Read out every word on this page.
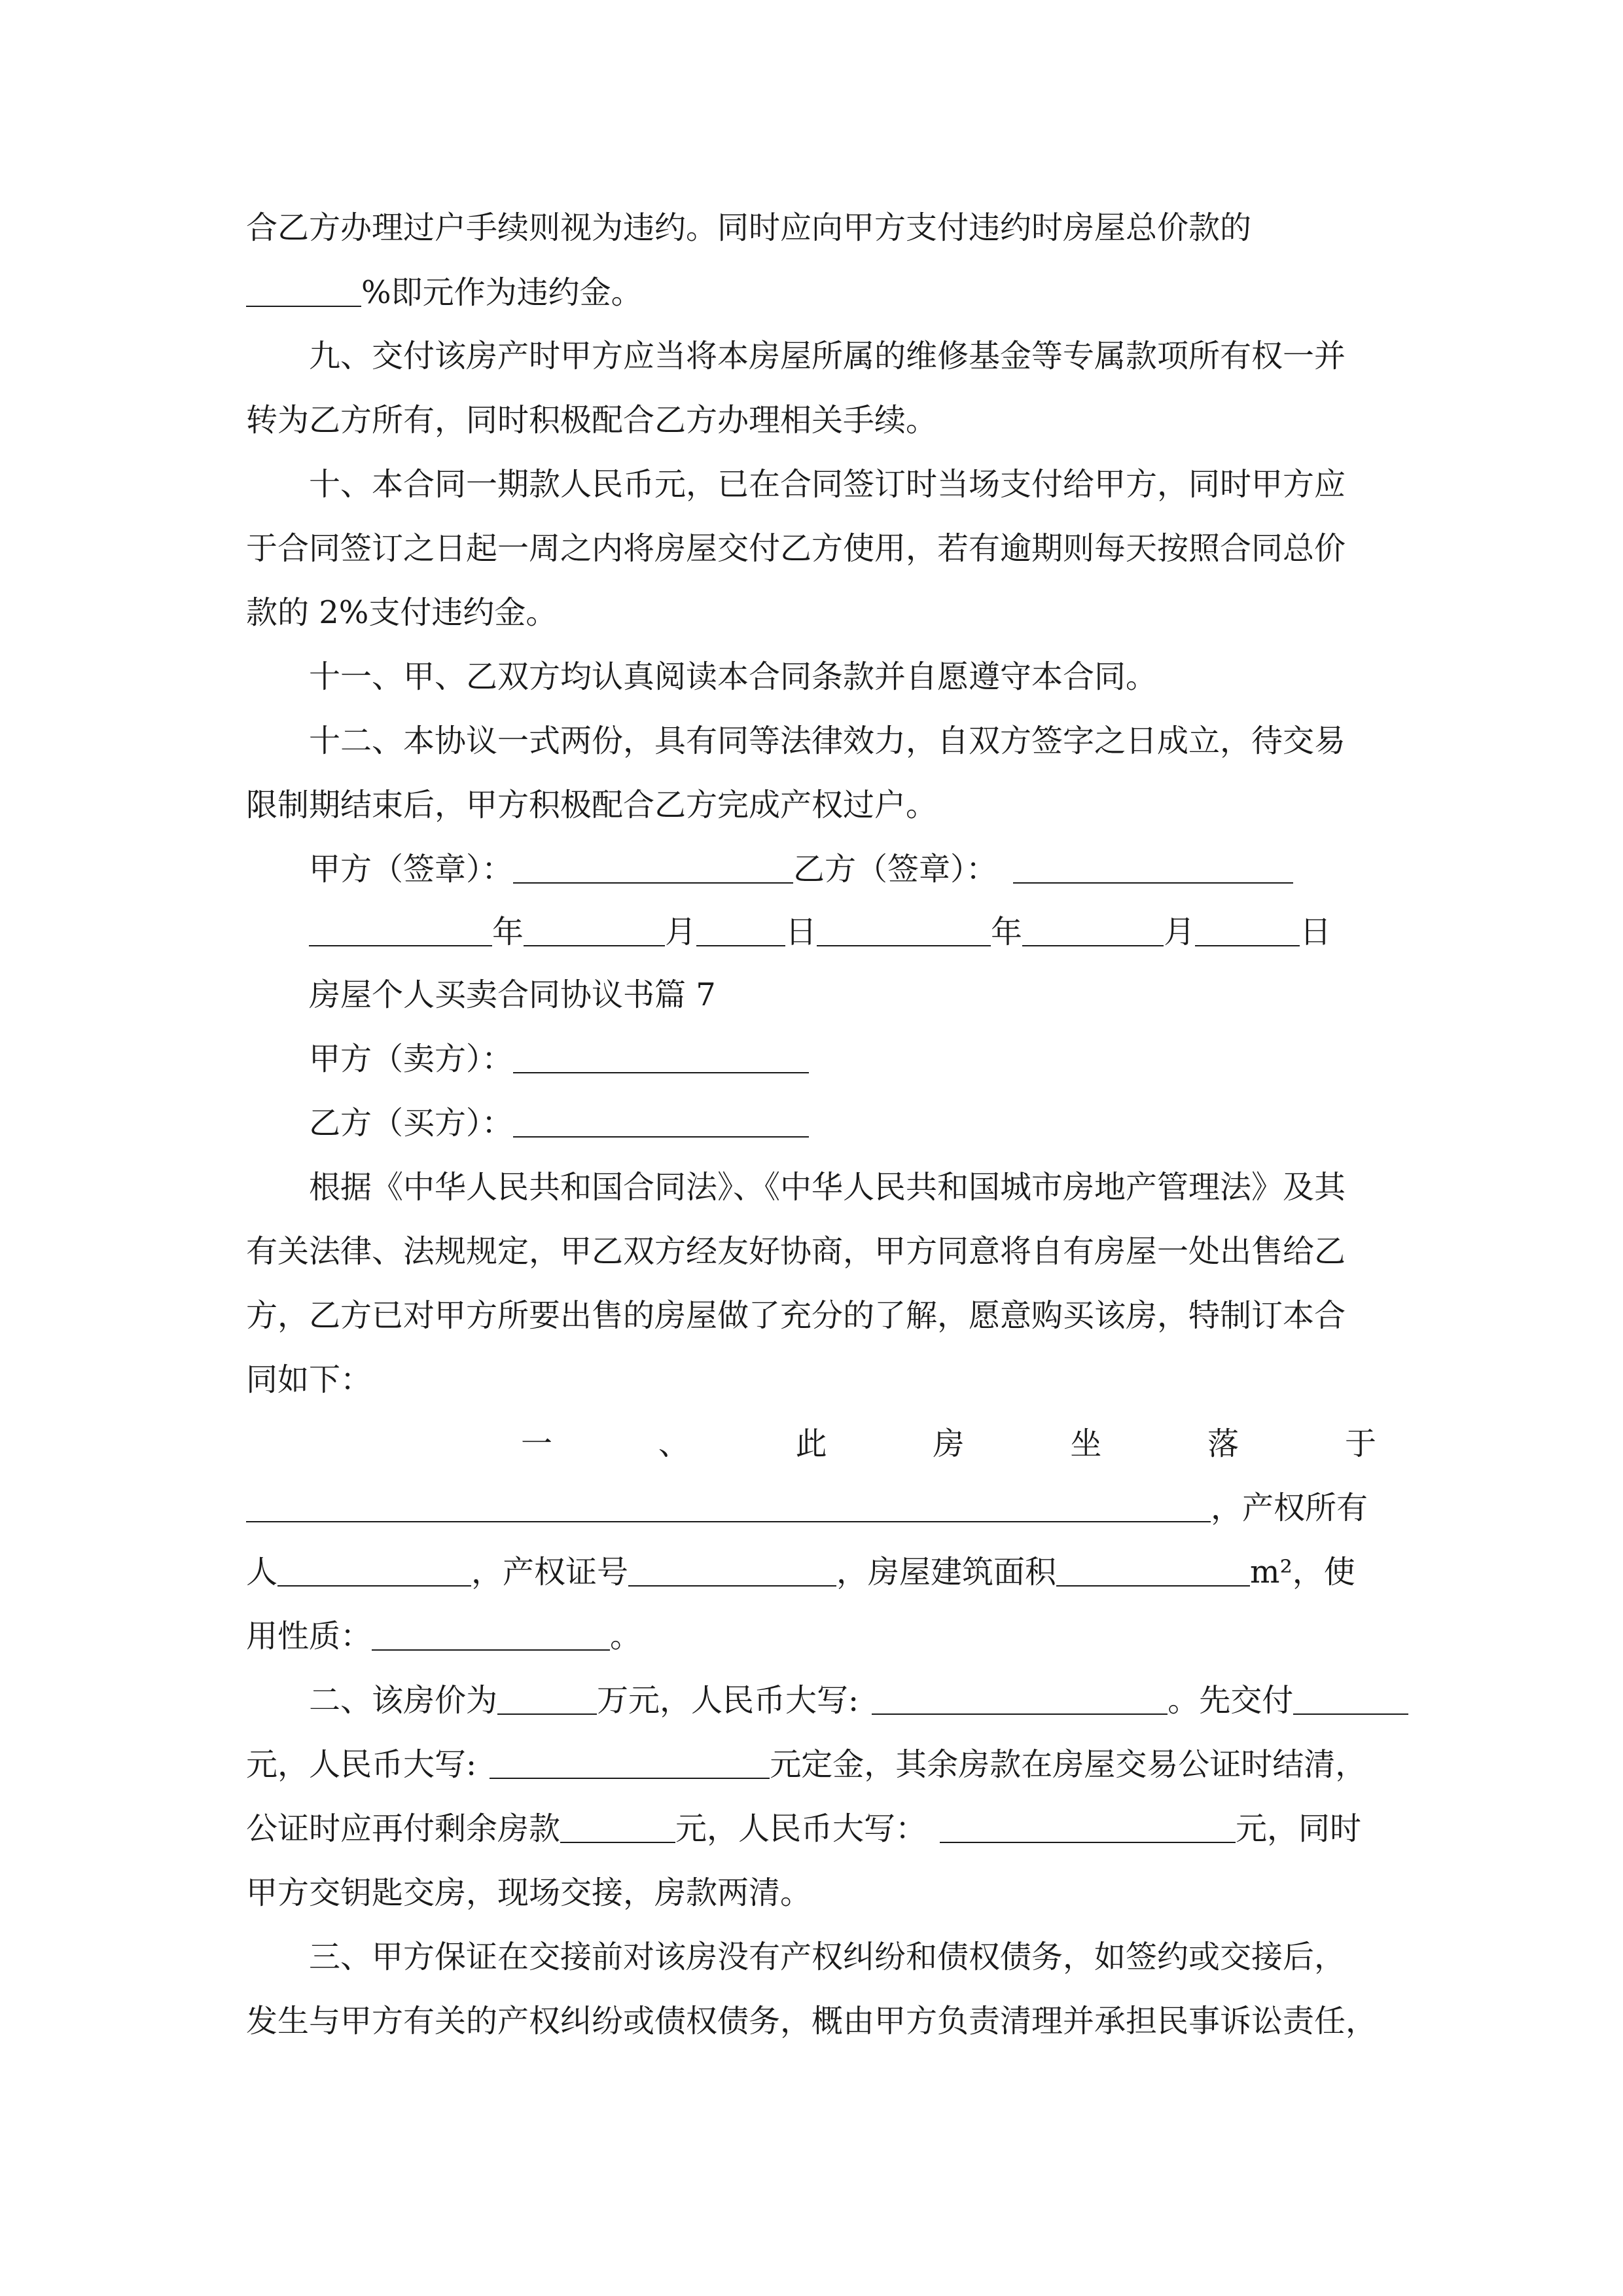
合乙方办理过户手续则视为违约。同时应向甲方支付违约时房屋总价款的
%即元作为违约金。
九、交付该房产时甲方应当将本房屋所属的维修基金等专属款项所有权一并
转为乙方所有，同时积极配合乙方办理相关手续。
十、本合同一期款人民币元，已在合同签订时当场支付给甲方，同时甲方应
于合同签订之日起一周之内将房屋交付乙方使用，若有逾期则每天按照合同总价
款的 2%支付违约金。
十一、甲、乙双方均认真阅读本合同条款并自愿遵守本合同。
十二、本协议一式两份，具有同等法律效力，自双方签字之日成立，待交易
限制期结束后，甲方积极配合乙方完成产权过户。
甲方（签章）：	乙方（签章）：
年	月	日	年	月	日
房屋个人买卖合同协议书篇 7
甲方（卖方）：
乙方（买方）：
根据《中华人民共和国合同法》、《中华人民共和国城市房地产管理法》及其
有关法律、法规规定，甲乙双方经友好协商，甲方同意将自有房屋一处出售给乙
方，乙方已对甲方所要出售的房屋做了充分的了解，愿意购买该房，特制订本合
同如下：
一	、	此	房	坐	落	于
，产权所有
人	，产权证号	，房屋建筑面积	m²，使
用性质：	。
二、该房价为	万元，人民币大写:	。先交付
元，人民币大写:	元定金，其余房款在房屋交易公证时结清，
公证时应再付剩余房款	元，人民币大写：	元，同时
甲方交钥匙交房，现场交接，房款两清。
三、甲方保证在交接前对该房没有产权纠纷和债权债务，如签约或交接后，
发生与甲方有关的产权纠纷或债权债务，概由甲方负责清理并承担民事诉讼责任，
